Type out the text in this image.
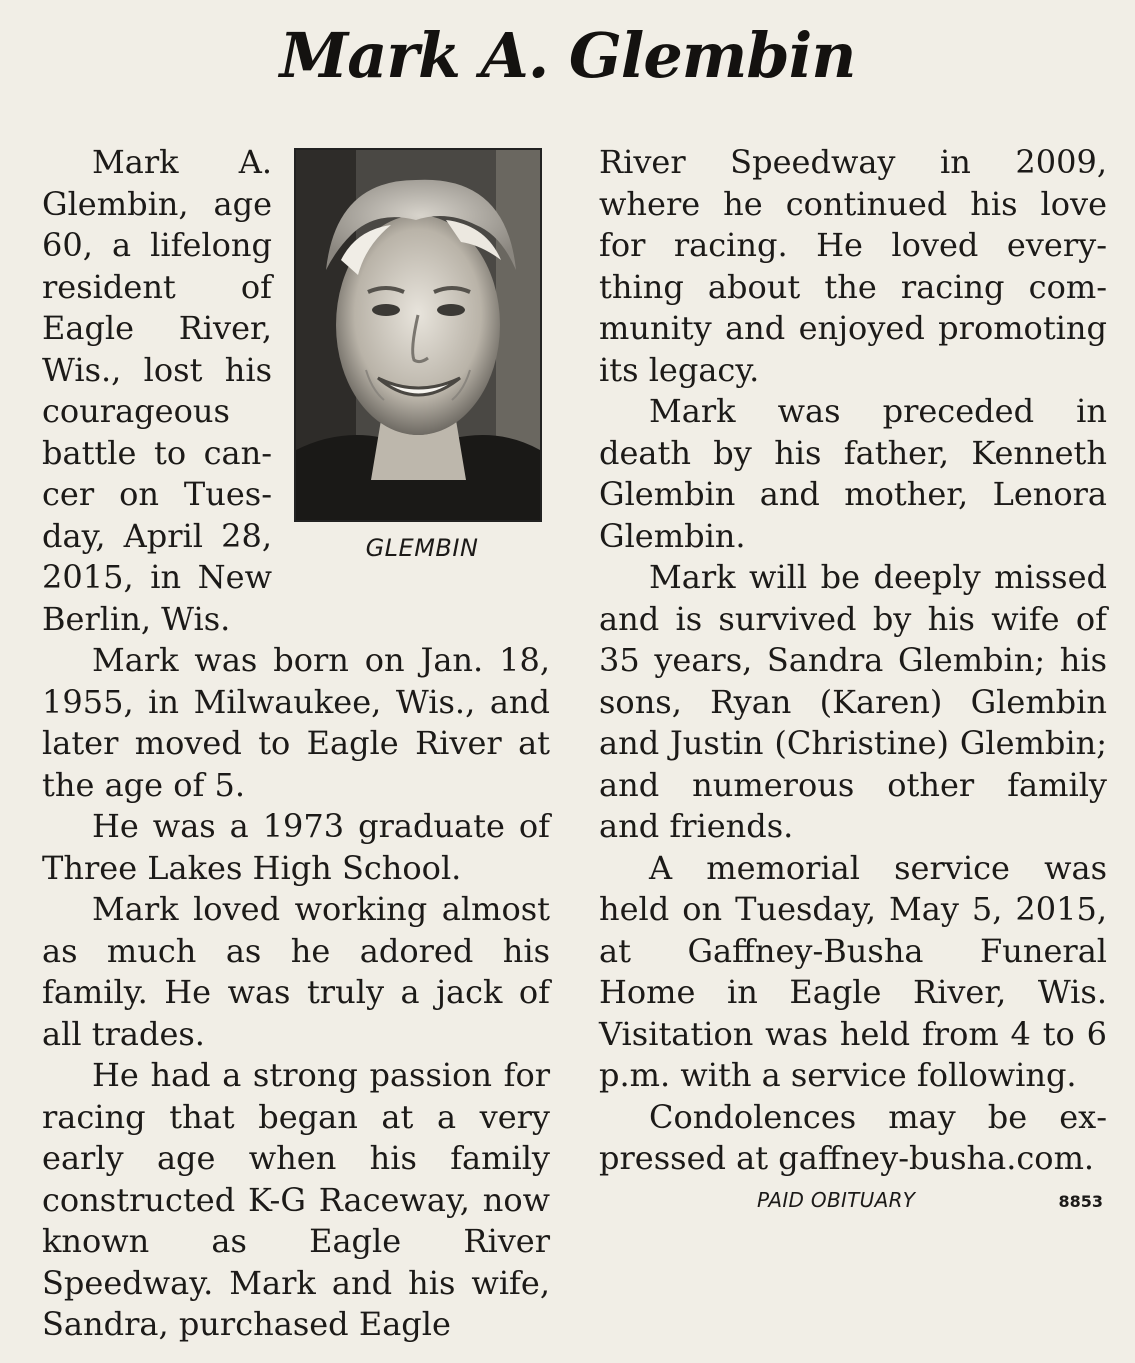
Mark A. Glembin
GLEMBIN

Mark A. Glembin, age 60, a lifelong resident of Eagle River, Wis., lost his courageous battle to cancer on Tuesday, April 28, 2015, in New Berlin, Wis.

Mark was born on Jan. 18, 1955, in Milwaukee, Wis., and later moved to Eagle River at the age of 5.

He was a 1973 graduate of Three Lakes High School.

Mark loved working almost as much as he adored his family. He was truly a jack of all trades.

He had a strong passion for racing that began at a very early age when his family constructed K-G Raceway, now known as Eagle River Speedway. Mark and his wife, Sandra, purchased Eagle

River Speedway in 2009, where he continued his love for racing. He loved everything about the racing community and enjoyed promoting its legacy.

Mark was preceded in death by his father, Kenneth Glembin and mother, Lenora Glembin.

Mark will be deeply missed and is survived by his wife of 35 years, Sandra Glembin; his sons, Ryan (Karen) Glembin and Justin (Christine) Glembin; and numerous other family and friends.

A memorial service was held on Tuesday, May 5, 2015, at Gaffney-Busha Funeral Home in Eagle River, Wis. Visitation was held from 4 to 6 p.m. with a service following.

Condolences may be expressed at gaffney-busha.com.

PAID OBITUARY	8853
